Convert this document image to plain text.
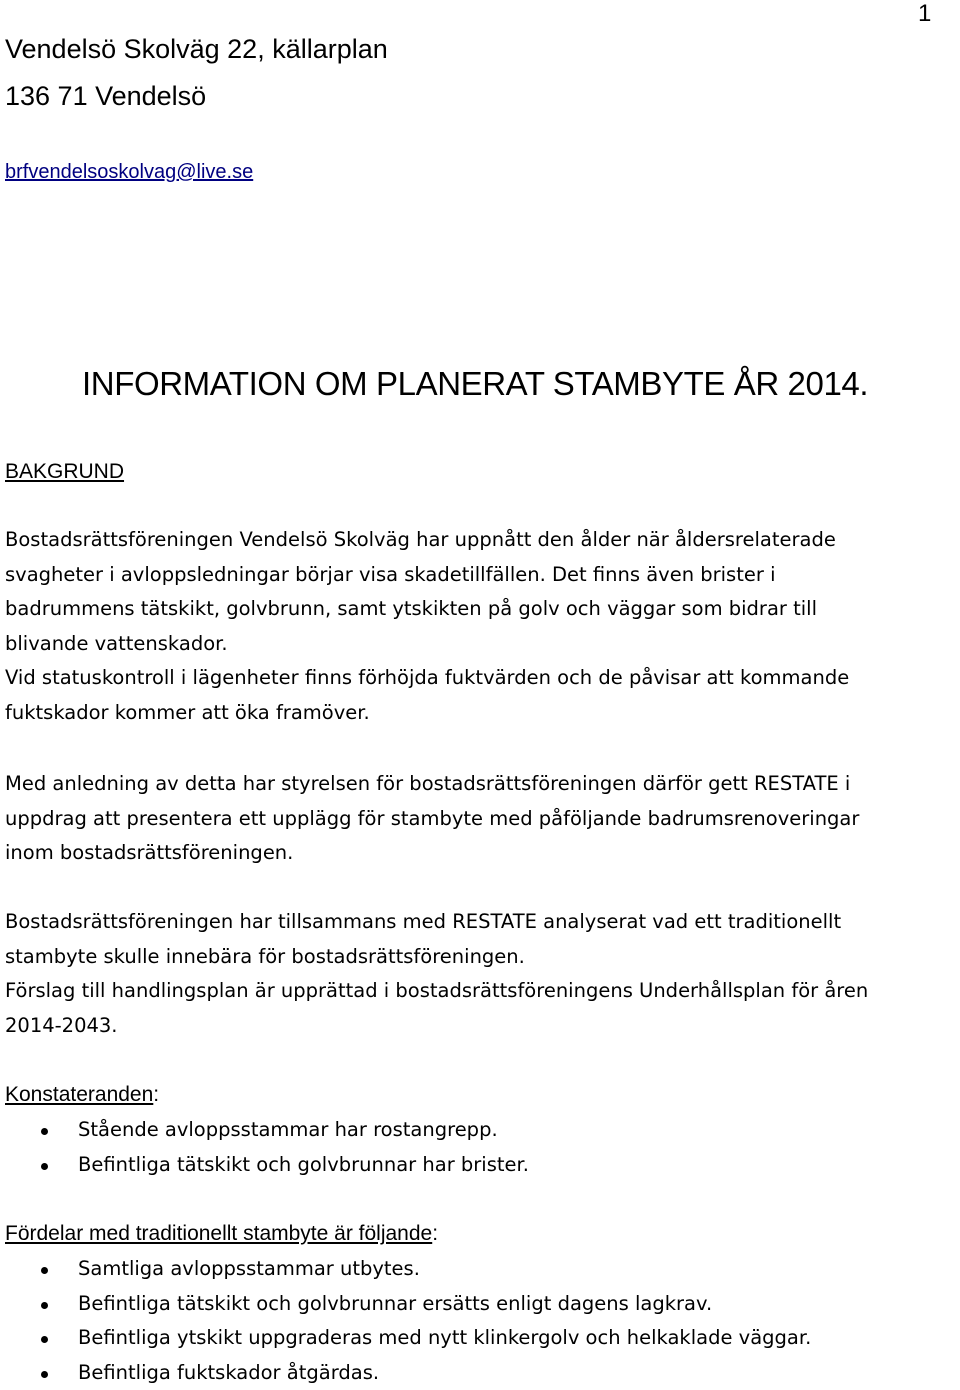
1
Vendelsö Skolväg 22, källarplan
136 71 Vendelsö
brfvendelsoskolvag@live.se
INFORMATION OM PLANERAT STAMBYTE ÅR 2014.
BAKGRUND
Bostadsrättsföreningen Vendelsö Skolväg har uppnått den ålder när åldersrelaterade
svagheter i avloppsledningar börjar visa skadetillfällen. Det finns även brister i
badrummens tätskikt, golvbrunn, samt ytskikten på golv och väggar som bidrar till
blivande vattenskador.
Vid statuskontroll i lägenheter finns förhöjda fuktvärden och de påvisar att kommande
fuktskador kommer att öka framöver.
Med anledning av detta har styrelsen för bostadsrättsföreningen därför gett RESTATE i
uppdrag att presentera ett upplägg för stambyte med påföljande badrumsrenoveringar
inom bostadsrättsföreningen.
Bostadsrättsföreningen har tillsammans med RESTATE analyserat vad ett traditionellt
stambyte skulle innebära för bostadsrättsföreningen.
Förslag till handlingsplan är upprättad i bostadsrättsföreningens Underhållsplan för åren
2014-2043.
Konstateranden:
Stående avloppsstammar har rostangrepp.
Befintliga tätskikt och golvbrunnar har brister.
Fördelar med traditionellt stambyte är följande:
Samtliga avloppsstammar utbytes.
Befintliga tätskikt och golvbrunnar ersätts enligt dagens lagkrav.
Befintliga ytskikt uppgraderas med nytt klinkergolv och helkaklade väggar.
Befintliga fuktskador åtgärdas.
